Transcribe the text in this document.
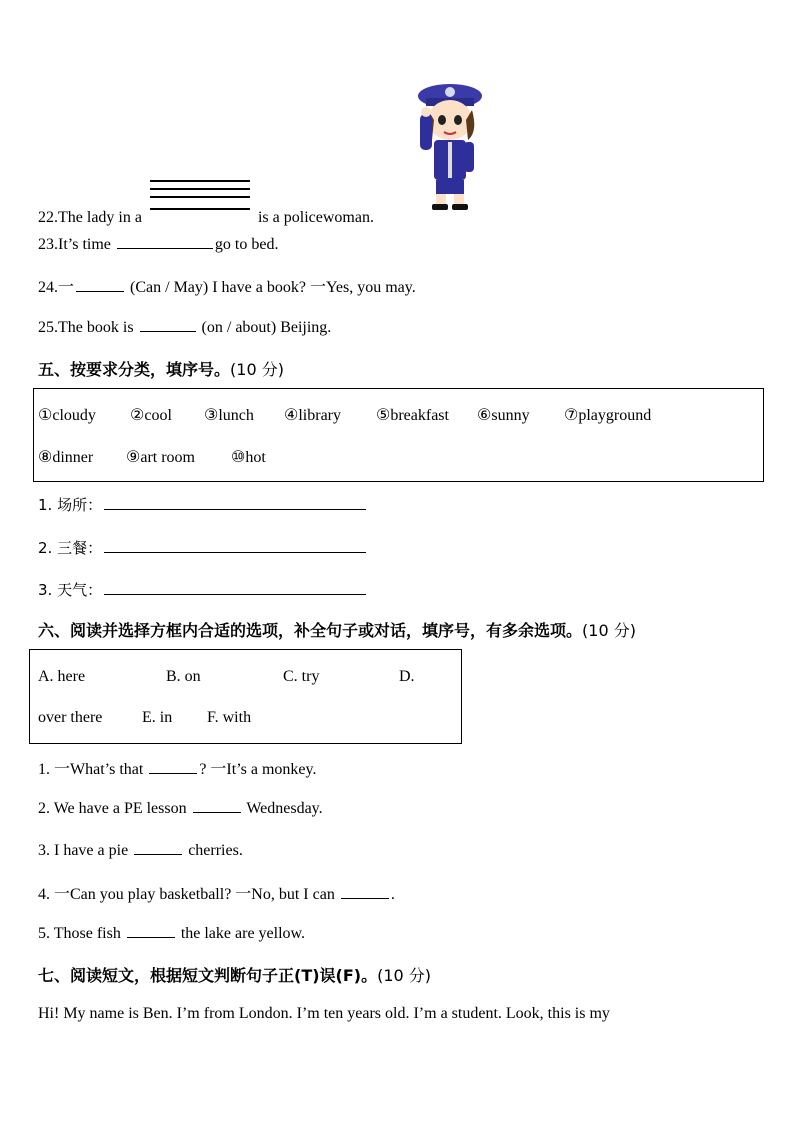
22.The lady in a	is a policewoman.
23.It’s time	go to bed.
24.一	(Can / May) I have a book? 一Yes, you may.
25.The book is	(on / about) Beijing.
五、按要求分类，填序号。(10 分)
①cloudy ②cool ③lunch ④library ⑤breakfast ⑥sunny ⑦playground
⑧dinner ⑨art room ⑩hot
1. 场所：
2. 三餐：
3. 天气：
六、阅读并选择方框内合适的选项，补全句子或对话，填序号，有多余选项。(10 分)
A. here	B. on	C. try	D.
over there E. in F. with
1. 一What’s that	? 一It’s a monkey.
2. We have a PE lesson	Wednesday.
3. I have a pie	cherries.
4. 一Can you play basketball? 一No, but I can	.
5. Those fish	the lake are yellow.
七、阅读短文，根据短文判断句子正(T)误(F)。(10 分)
Hi! My name is Ben. I’m from London. I’m ten years old. I’m a student. Look, this is my
